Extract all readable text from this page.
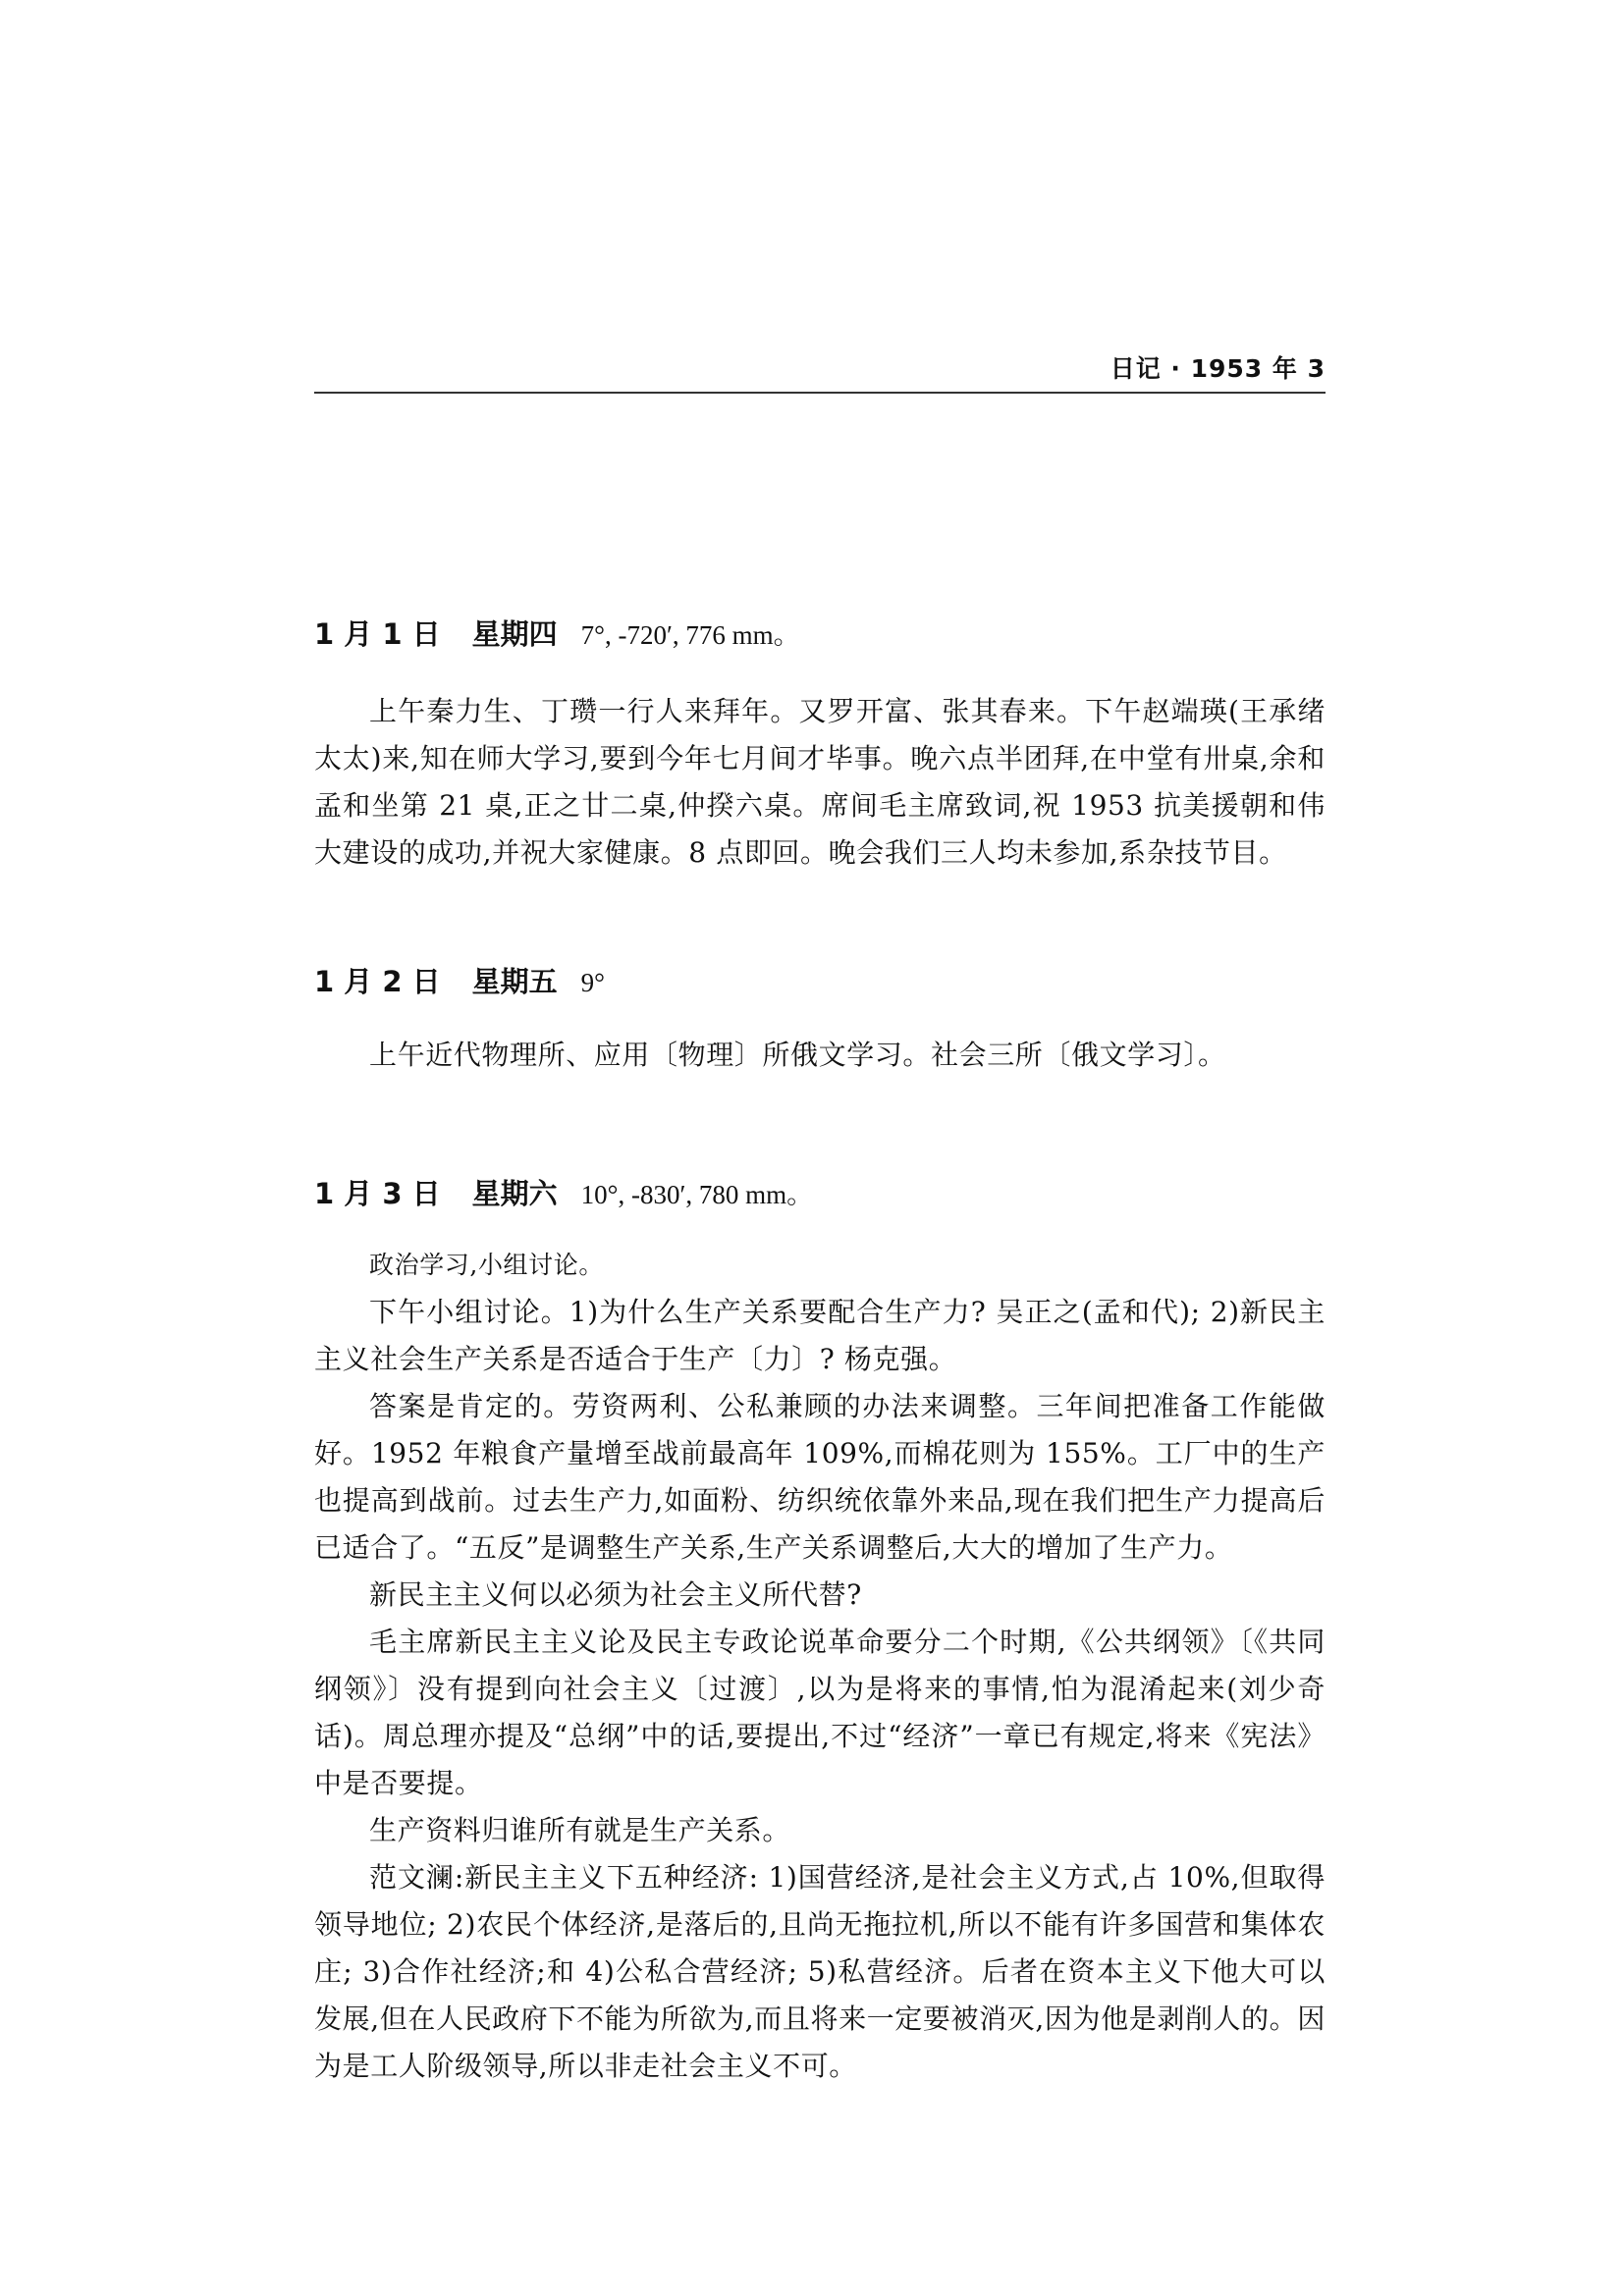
日记 · 1953 年 3

1 月 1 日 星期四 7°, -720′, 776 mm。

上午秦力生、丁瓒一行人来拜年。又罗开富、张其春来。下午赵端瑛(王承绪太太)来,知在师大学习,要到今年七月间才毕事。晚六点半团拜,在中堂有卅桌,余和孟和坐第 21 桌,正之廿二桌,仲揆六桌。席间毛主席致词,祝 1953 抗美援朝和伟大建设的成功,并祝大家健康。8 点即回。晚会我们三人均未参加,系杂技节目。

1 月 2 日 星期五 9°

上午近代物理所、应用〔物理〕所俄文学习。社会三所〔俄文学习〕。

1 月 3 日 星期六 10°, -830′, 780 mm。

政治学习,小组讨论。

下午小组讨论。1)为什么生产关系要配合生产力? 吴正之(孟和代); 2)新民主主义社会生产关系是否适合于生产〔力〕? 杨克强。

答案是肯定的。劳资两利、公私兼顾的办法来调整。三年间把准备工作能做好。1952 年粮食产量增至战前最高年 109%,而棉花则为 155%。工厂中的生产也提高到战前。过去生产力,如面粉、纺织统依靠外来品,现在我们把生产力提高后已适合了。“五反”是调整生产关系,生产关系调整后,大大的增加了生产力。

新民主主义何以必须为社会主义所代替?

毛主席新民主主义论及民主专政论说革命要分二个时期,《公共纲领》〔《共同纲领》〕没有提到向社会主义〔过渡〕,以为是将来的事情,怕为混淆起来(刘少奇话)。周总理亦提及“总纲”中的话,要提出,不过“经济”一章已有规定,将来《宪法》中是否要提。

生产资料归谁所有就是生产关系。

范文澜:新民主主义下五种经济: 1)国营经济,是社会主义方式,占 10%,但取得领导地位; 2)农民个体经济,是落后的,且尚无拖拉机,所以不能有许多国营和集体农庄; 3)合作社经济;和 4)公私合营经济; 5)私营经济。后者在资本主义下他大可以发展,但在人民政府下不能为所欲为,而且将来一定要被消灭,因为他是剥削人的。因为是工人阶级领导,所以非走社会主义不可。
